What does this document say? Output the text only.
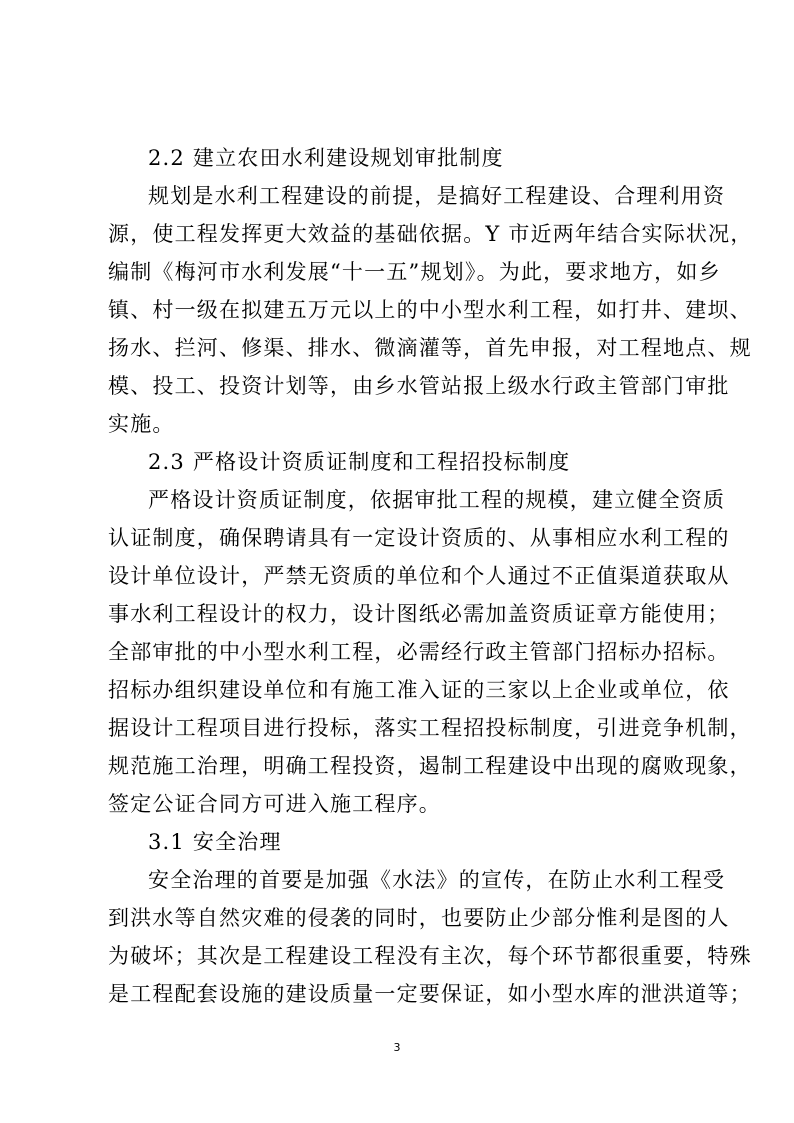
2.2 建立农田水利建设规划审批制度
规划是水利工程建设的前提，是搞好工程建设、合理利用资
源，使工程发挥更大效益的基础依据。Y 市近两年结合实际状况，
编制《梅河市水利发展“十一五”规划》。为此，要求地方，如乡
镇、村一级在拟建五万元以上的中小型水利工程，如打井、建坝、
扬水、拦河、修渠、排水、微滴灌等，首先申报，对工程地点、规
模、投工、投资计划等，由乡水管站报上级水行政主管部门审批
实施。
2.3 严格设计资质证制度和工程招投标制度
严格设计资质证制度，依据审批工程的规模，建立健全资质
认证制度，确保聘请具有一定设计资质的、从事相应水利工程的
设计单位设计，严禁无资质的单位和个人通过不正值渠道获取从
事水利工程设计的权力，设计图纸必需加盖资质证章方能使用；
全部审批的中小型水利工程，必需经行政主管部门招标办招标。
招标办组织建设单位和有施工准入证的三家以上企业或单位，依
据设计工程项目进行投标，落实工程招投标制度，引进竞争机制，
规范施工治理，明确工程投资，遏制工程建设中出现的腐败现象，
签定公证合同方可进入施工程序。
3.1 安全治理
安全治理的首要是加强《水法》的宣传，在防止水利工程受
到洪水等自然灾难的侵袭的同时，也要防止少部分惟利是图的人
为破坏；其次是工程建设工程没有主次，每个环节都很重要，特殊
是工程配套设施的建设质量一定要保证，如小型水库的泄洪道等；
3
